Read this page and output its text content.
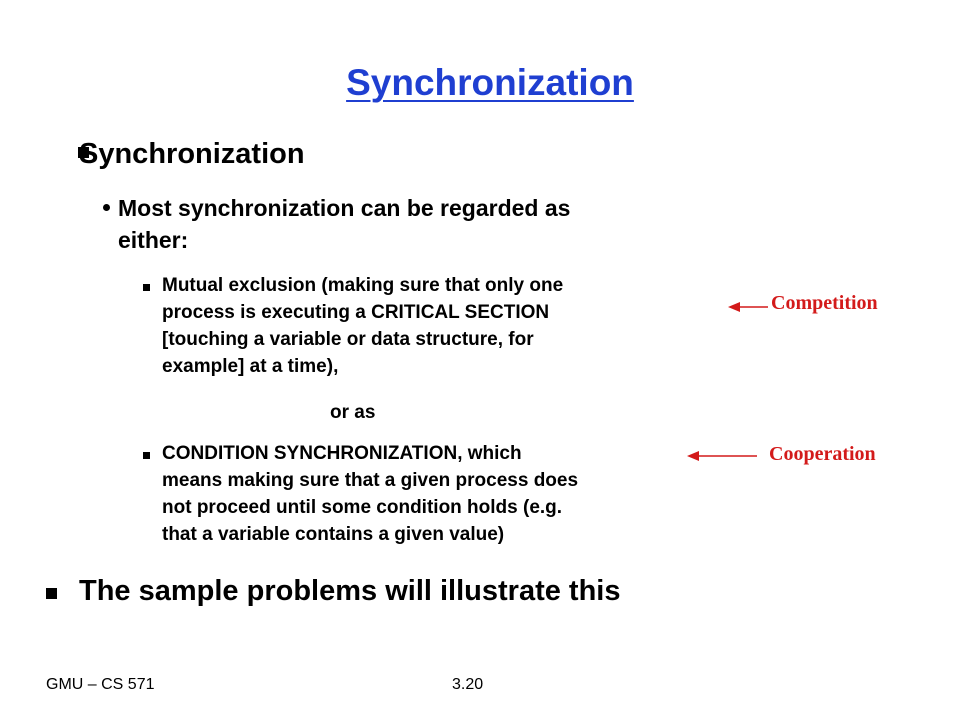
Synchronization
Synchronization
Most synchronization can be regarded as
either:
Mutual exclusion (making sure that only one
process is executing a CRITICAL SECTION
[touching a variable or data structure, for
example] at a time),
or as
CONDITION SYNCHRONIZATION, which
means making sure that a given process does
not proceed until some condition holds (e.g.
that a variable contains a given value)
The sample problems will illustrate this
Competition
Cooperation
GMU – CS 571	3.20
